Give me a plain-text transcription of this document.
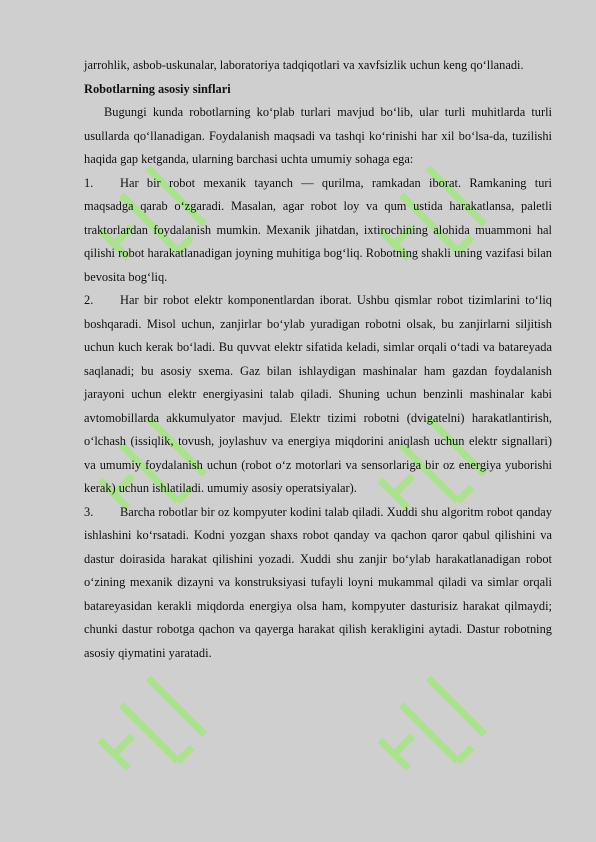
jarrohlik, asbob-uskunalar, laboratoriya tadqiqotlari va xavfsizlik uchun keng qo‘llanadi.

Robotlarning asosiy sinflari

Bugungi kunda robotlarning ko‘plab turlari mavjud bo‘lib, ular turli muhitlarda turli usullarda qo‘llanadigan. Foydalanish maqsadi va tashqi ko‘rinishi har xil bo‘lsa-da, tuzilishi haqida gap ketganda, ularning barchasi uchta umumiy sohaga ega:

1. Har bir robot mexanik tayanch — qurilma, ramkadan iborat. Ramkaning turi maqsadga qarab o‘zgaradi. Masalan, agar robot loy va qum ustida harakatlansa, paletli traktorlardan foydalanish mumkin. Mexanik jihatdan, ixtirochining alohida muammoni hal qilishi robot harakatlanadigan joyning muhitiga bog‘liq. Robotning shakli uning vazifasi bilan bevosita bog‘liq.

2. Har bir robot elektr komponentlardan iborat. Ushbu qismlar robot tizimlarini to‘liq boshqaradi. Misol uchun, zanjirlar bo‘ylab yuradigan robotni olsak, bu zanjirlarni siljitish uchun kuch kerak bo‘ladi. Bu quvvat elektr sifatida keladi, simlar orqali o‘tadi va batareyada saqlanadi; bu asosiy sxema. Gaz bilan ishlaydigan mashinalar ham gazdan foydalanish jarayoni uchun elektr energiyasini talab qiladi. Shuning uchun benzinli mashinalar kabi avtomobillarda akkumulyator mavjud. Elektr tizimi robotni (dvigatelni) harakatlantirish, o‘lchash (issiqlik, tovush, joylashuv va energiya miqdorini aniqlash uchun elektr signallari) va umumiy foydalanish uchun (robot o‘z motorlari va sensorlariga bir oz energiya yuborishi kerak) uchun ishlatiladi. umumiy asosiy operatsiyalar).

3. Barcha robotlar bir oz kompyuter kodini talab qiladi. Xuddi shu algoritm robot qanday ishlashini ko‘rsatadi. Kodni yozgan shaxs robot qanday va qachon qaror qabul qilishini va dastur doirasida harakat qilishini yozadi. Xuddi shu zanjir bo‘ylab harakatlanadigan robot o‘zining mexanik dizayni va konstruksiyasi tufayli loyni mukammal qiladi va simlar orqali batareyasidan kerakli miqdorda energiya olsa ham, kompyuter dasturisiz harakat qilmaydi; chunki dastur robotga qachon va qayerga harakat qilish kerakligini aytadi. Dastur robotning asosiy qiymatini yaratadi.
